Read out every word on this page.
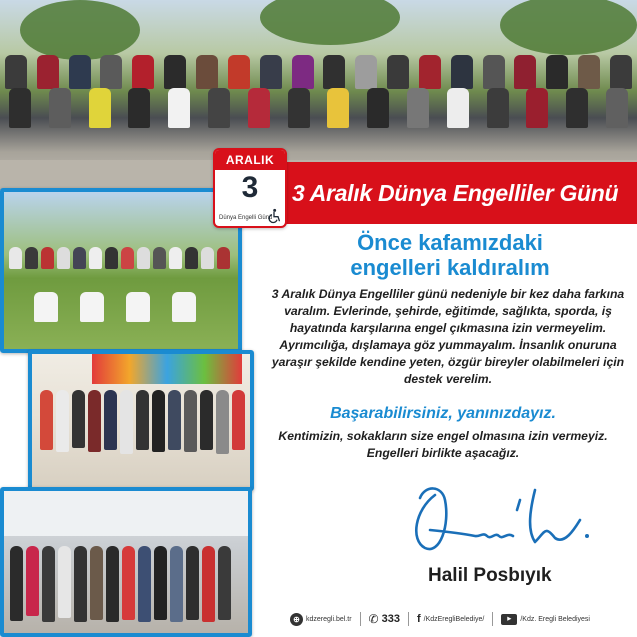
3 Aralık Dünya Engelliler Günü
ARALIK
3
Dünya Engelli Günü
Önce kafamızdaki
engelleri kaldıralım
3 Aralık Dünya Engelliler günü nedeniyle bir kez daha farkına varalım. Evlerinde, şehirde, eğitimde, sağlıkta, sporda, iş hayatında karşılarına engel çıkmasına izin vermeyelim. Ayrımcılığa, dışlamaya göz yummayalım. İnsanlık onuruna yaraşır şekilde kendine yeten, özgür bireyler olabilmeleri için destek verelim.
Başarabilirsiniz, yanınızdayız.
Kentimizin, sokakların size engel olmasına izin vermeyiz. Engelleri birlikte aşacağız.
Halil Posbıyık
⊕ kdzeregli.bel.tr ✆ 333 f /KdzEregliBelediye/	▶	/Kdz. Eregli Belediyesi
